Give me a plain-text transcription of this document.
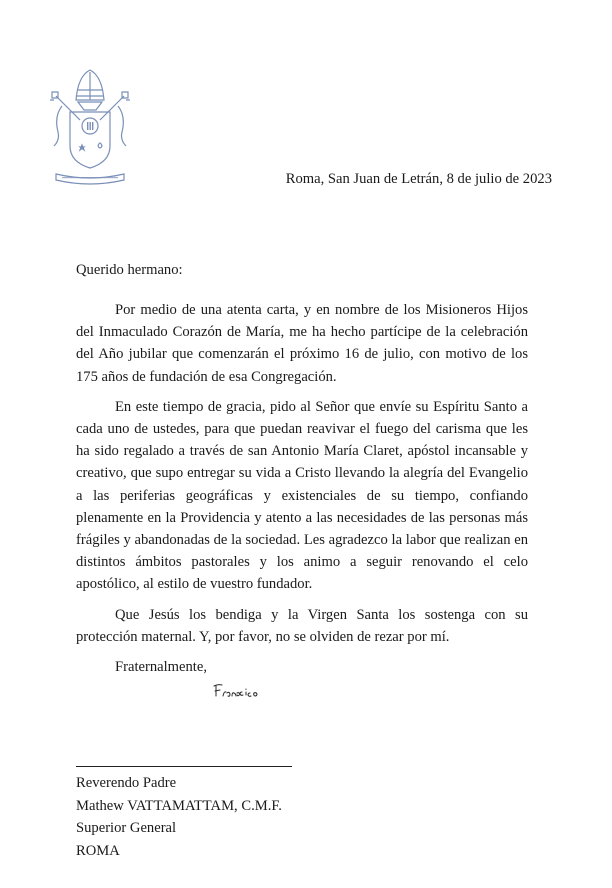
Roma, San Juan de Letrán, 8 de julio de 2023
Querido hermano:

Por medio de una atenta carta, y en nombre de los Misioneros Hijos del Inmaculado Corazón de María, me ha hecho partícipe de la celebración del Año jubilar que comenzarán el próximo 16 de julio, con motivo de los 175 años de fundación de esa Congregación.

En este tiempo de gracia, pido al Señor que envíe su Espíritu Santo a cada uno de ustedes, para que puedan reavivar el fuego del carisma que les ha sido regalado a través de san Antonio María Claret, apóstol incansable y creativo, que supo entregar su vida a Cristo llevando la alegría del Evangelio a las periferias geográficas y existenciales de su tiempo, confiando plenamente en la Providencia y atento a las necesidades de las personas más frágiles y abandonadas de la sociedad. Les agradezco la labor que realizan en distintos ámbitos pastorales y los animo a seguir renovando el celo apostólico, al estilo de vuestro fundador.

Que Jesús los bendiga y la Virgen Santa los sostenga con su protección maternal. Y, por favor, no se olviden de rezar por mí.

Fraternalmente,
Reverendo Padre
Mathew VATTAMATTAM, C.M.F.
Superior General
ROMA
